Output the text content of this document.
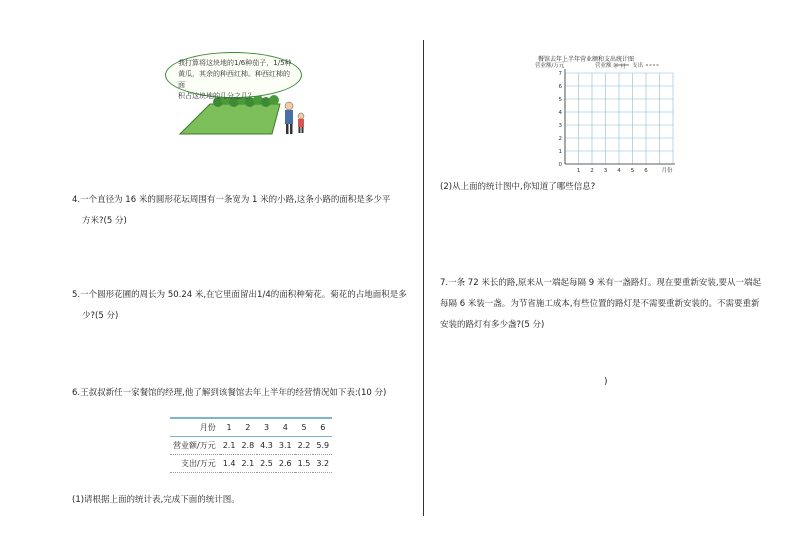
我打算将这块地的1/6种茄子，1/5种
黄瓜，其余的种西红柿。种西红柿的面
积占这块地的几分之几？
4.一个直径为 16 米的圆形花坛周围有一条宽为 1 米的小路,这条小路的面积是多少平
方米?(5 分)
5.一个圆形花圃的周长为 50.24 米,在它里面留出1/4的面积种菊花。菊花的占地面积是多
少?(5 分)
6.王叔叔新任一家餐馆的经理,他了解到该餐馆去年上半年的经营情况如下表:(10 分)
月份	1	2	3	4	5	6
营业额/万元	2.1	2.8	4.3	3.1	2.2	5.9
支出/万元	1.4	2.1	2.5	2.6	1.5	3.2
(1)请根据上面的统计表,完成下面的统计图。
餐馆去年上半年营业额和支出统计图
0
1
2
3
4
5
6
7
1 2 3 4 5 6	月份
营业额/万元	年 月
营业额	支出
(2)从上面的统计图中,你知道了哪些信息?
7.一条 72 米长的路,原来从一端起每隔 9 米有一盏路灯。现在要重新安装,要从一端起
每隔 6 米装一盏。为节省施工成本,有些位置的路灯是不需要重新安装的。不需要重新
安装的路灯有多少盏?(5 分)
)
